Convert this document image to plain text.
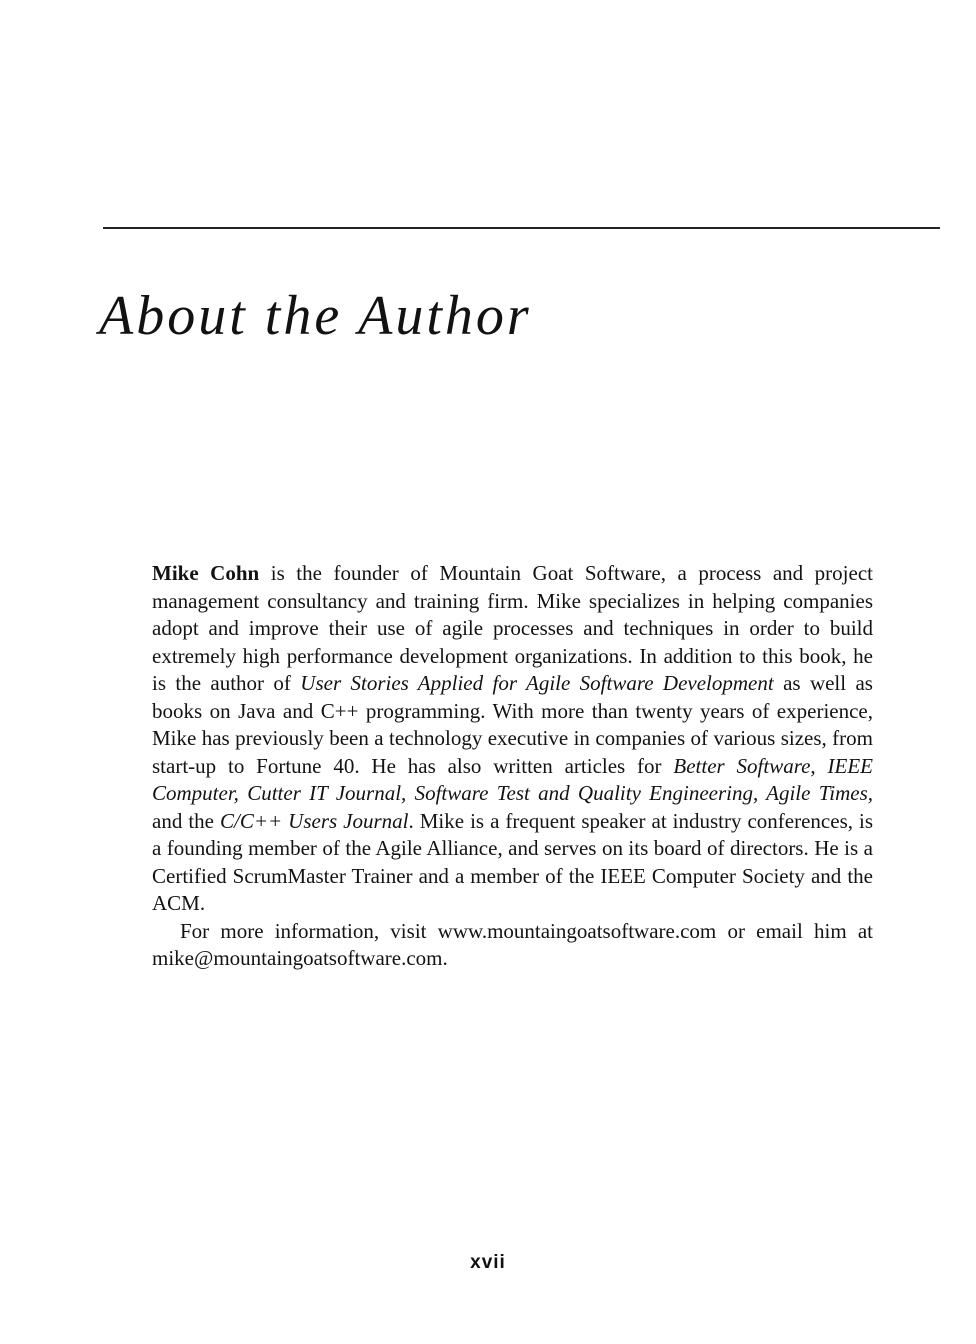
About the Author

Mike Cohn is the founder of Mountain Goat Software, a process and project management consultancy and training firm. Mike specializes in helping companies adopt and improve their use of agile processes and techniques in order to build extremely high performance development organizations. In addition to this book, he is the author of User Stories Applied for Agile Software Development as well as books on Java and C++ programming. With more than twenty years of experience, Mike has previously been a technology executive in companies of various sizes, from start-up to Fortune 40. He has also written articles for Better Software, IEEE Computer, Cutter IT Journal, Software Test and Quality Engineering, Agile Times, and the C/C++ Users Journal. Mike is a frequent speaker at industry conferences, is a founding member of the Agile Alliance, and serves on its board of directors. He is a Certified ScrumMaster Trainer and a member of the IEEE Computer Society and the ACM.

For more information, visit www.mountaingoatsoftware.com or email him at mike@mountaingoatsoftware.com.

xvii
